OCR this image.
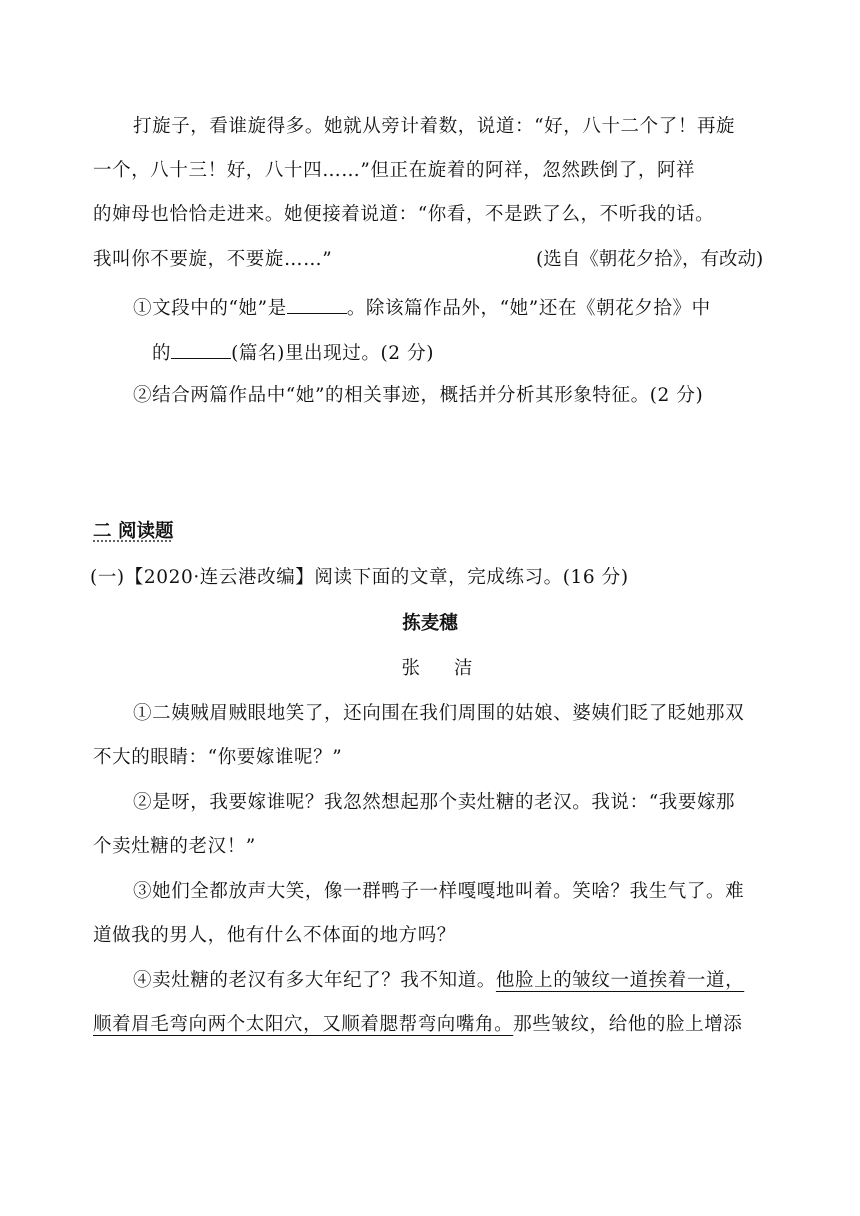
打旋子，看谁旋得多。她就从旁计着数，说道：“好，八十二个了！再旋
一个，八十三！好，八十四……”但正在旋着的阿祥，忽然跌倒了，阿祥
的婶母也恰恰走进来。她便接着说道：“你看，不是跌了么，不听我的话。
我叫你不要旋，不要旋……”	(选自《朝花夕拾》，有改动)
①文段中的“她”是	。除该篇作品外，“她”还在《朝花夕拾》中
的	(篇名)里出现过。(2 分)
②结合两篇作品中“她”的相关事迹，概括并分析其形象特征。(2 分)
二 阅读题
(一)【2020·连云港改编】阅读下面的文章，完成练习。(16 分)
拣麦穗
张 洁
①二姨贼眉贼眼地笑了，还向围在我们周围的姑娘、婆姨们眨了眨她那双
不大的眼睛：“你要嫁谁呢？”
②是呀，我要嫁谁呢？我忽然想起那个卖灶糖的老汉。我说：“我要嫁那
个卖灶糖的老汉！”
③她们全都放声大笑，像一群鸭子一样嘎嘎地叫着。笑啥？我生气了。难
道做我的男人，他有什么不体面的地方吗？
④卖灶糖的老汉有多大年纪了？我不知道。他脸上的皱纹一道挨着一道，
顺着眉毛弯向两个太阳穴，又顺着腮帮弯向嘴角。那些皱纹，给他的脸上增添
